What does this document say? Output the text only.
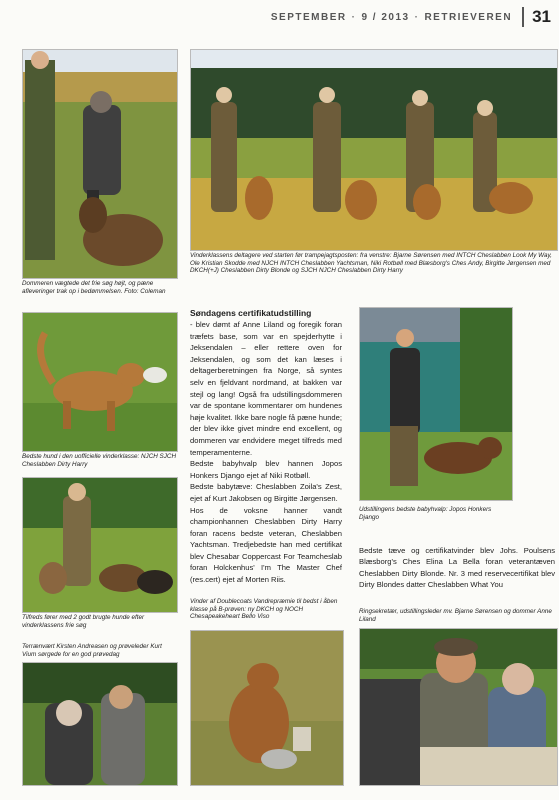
SEPTEMBER · 9 / 2013 · RETRIEVEREN	31
Dommeren vægtede det frie søg højt, og pæne afleveringer trak op i bedømmelsen. Foto: Coleman
Vinderklassens deltagere ved starten før trampejagtsposten: fra venstre: Bjarne Sørensen med INTCH Cheslabben Look My Way, Ole Kristian Skodde med NJCH INTCH Cheslabben Yachtsman, Niki Rotbøll med Blæsborg's Ches Andy, Birgitte Jørgensen med DKCH(+J) Cheslabben Dirty Blonde og SJCH NJCH Cheslabben Dirty Harry
Bedste hund i den uofficielle vinderklasse: NJCH SJCH Cheslabben Dirty Harry
Tilfreds fører med 2 godt brugte hunde efter vinderklassens frie søg
Terrænvært Kirsten Andreasen og prøveleder Kurt Vium sørgede for en god prøvedag
Søndagens certifikatudstilling

- blev dømt af Anne Liland og foregik foran træfets base, som var en spejderhytte i Jeksendalen – eller rettere oven for Jeksendalen, og som det kan læses i deltagerberetningen fra Norge, så syntes selv en fjeldvant nordmand, at bakken var stejl og lang! Også fra udstillingsdommeren var de spontane kommentarer om hundenes høje kvalitet. Ikke bare nogle få pæne hunde; der blev ikke givet mindre end excellent, og dommeren var endvidere meget tilfreds med temperamenterne.

Bedste babyhvalp blev hannen Jopos Honkers Django ejet af Niki Rotbøll.

Bedste babytæve: Cheslabben Zoila's Zest, ejet af Kurt Jakobsen og Birgitte Jørgensen.

Hos de voksne hanner vandt championhannen Cheslabben Dirty Harry foran racens bedste veteran, Cheslabben Yachtsman. Tredjebedste han med certifikat blev Chesabar Coppercast For Teamcheslab foran Holckenhus' I'm The Master Chef (res.cert) ejet af Morten Riis.

Udstillingens bedste babyhvalp: Jopos Honkers Django

Bedste tæve og certifikatvinder blev Johs. Poulsens Blæsborg's Ches Elina La Bella foran veterantæven Cheslabben Dirty Blonde. Nr. 3 med reservecertifikat blev Dirty Blondes datter Cheslabben What You

Vinder af Doublecoats Vandrepræmie til bedst i åben klasse på B-prøven: ny DKCH og NOCH Chesapeakeheart Bello Viso
Ringsekretær, udstillingsleder mv. Bjarne Sørensen og dommer Anne Liland
